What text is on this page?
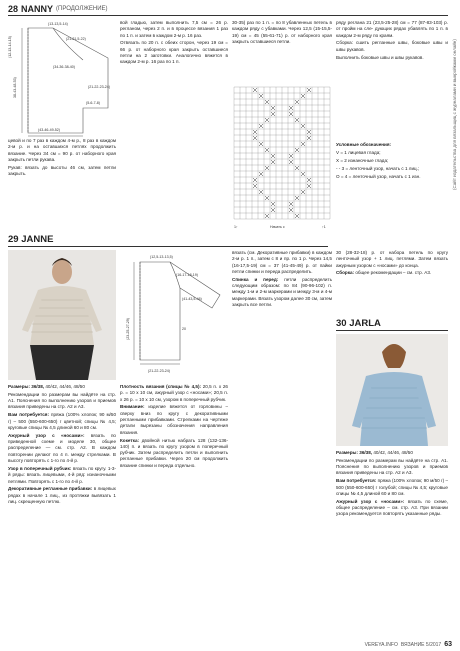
28 NANNY (ПРОДОЛЖЕНИЕ)
(Сайт издательства для вязальщиц с журналами и выкройками онлайн)
(13-13,5-14)
(21-21,5-22)
38-43-48-53)	(21-22-23-24)
(34-36-38-40)
(5-6-7-8)
(12-13-14-15)
(43-46-49-52)

цевой и по 7 раз в каждом 4-м р., 8 раз в каждом 2-м р. и на оставшихся петлях продолжить вязание. Через 34 см = 90 р. от наборного края закрыть петли рукава.

Рукав: вязать до высоты 46 см, затем петли закрыть.

вой гладью, затем выполнить 7,5 см = 26 р. регланом, через 2 п. и в процессе вязания 1 раз по 1 п. и затем в каждом 2-м р. 16 раз.

Отвязать по 20 п. с обеих сторон, через 19 см = 66 р. от наборного края закрыть оставшиеся петли на 2 заготовки. Аналогично вяжется в каждом 2-м р. 16 раз по 1 п.

30-35) раз по 1 п. = по 8 убавленных петель в каждом ряду с убавками. Через 12,5 (15-15,5-19) см = 45 (55-61-71) р. от наборного края закрыть оставшиеся петли.

1↑	Начать с	↑1

ряду реглана 21 (23,5-25-28) см = 77 (87-83-103) р. от пройм на сле- дующих рядах убавлять по 1 п. в каждом 2-м ряду по краям.

Сборка: сшить регланные швы, боковые швы и швы рукавов.

Выполнить боковые швы и швы рукавов.

Условные обозначения:

V = 1 лицевая глада;

X = 2 изнаночные глада;

- - 3 = ленточный узор, начать с 1 лиц.;

O = 4 = ленточный узор, начать с 1 изн.

29 JANNE

Размеры: 36/38, 40/42, 44/46, 48/50

Рекомендации по размерам вы найдёте на стр. А1. Пояснения по выполнению узоров и приемов вязания приведены на стр. А2 и А3.

Вам потребуется: пряжа (100% хлопок; 90 м/50 г) – 500 (550-600-650) г цветной; спицы № 4,5; круговые спицы № 4,5 длиной 60 и 80 см.

Ажурный узор с «носами»: вязать по приведенной схеме и моделе 30, общее распределение — см. стр. А2. В каждом повторении делают по 4 п. между стрелками. В высоту повторять с 1-го по 4-й р.

Узор в поперечный рубчик: вязать по кругу. 1-3-й ряды: вязать лицевыми, 4-й ряд: изнаночными петлями. Повторять с 1-го по 4-й р.

Декоративные регланные прибавки: в лицевых рядах в начале 1 лиц., из протяжки вывязать 1 лиц. скрещенную петлю.

(12,5-13-13,5)
(16-17-18-19)
(23-25-27-29)	20
(41-43,5-46)
(21-22-23-24)

Плотность вязания (спицы № 4,5): 20,5 п. x 26 р. = 10 x 10 см, ажурный узор с «носами»; 20,5 п. x 26 р. = 10 x 10 см, узором в поперечный рубчик.

Внимание: изделие вяжется от горловины – сверху вниз по кругу с декоративными регланными прибавками. Стрелками на чертеже детали вырезаны обозначения направления вязания.

Кокетка: двойной нитью набрать 128 (132-136-140) п. и вязать по кругу узором в поперечный рубчик. Затем распределить петли и выполнить регланные прибавки. Через 20 см продолжить вязание спинки и переда отдельно.

вязать (см. Декоративные прибавки) в каждом 2-м р. 1 п., затем с 8 и пр. по 1 р. Через 14,5 (16-17,5-19) см = 37 (41-45-49) р. от пайки петли спинки и переда распределить.

Спинка и перед: петли распределить следующим образом: по 84 (90-96-102) п. между 1-м и 2-м маркерами и между 3-м и 4-м маркерами. Вязать узором далее 30 см, затем закрыть все петли.

30 (28-32-18) р. от набора петель по кругу ленточный узор + 1 лиц. петлями. Затем вязать ажурным узором с «носами» до конца.

Сборка: общее рекомендации – см. стр. А3.

30 JARLA

Размеры: 36/38, 40/42, 44/46, 48/50

Рекомендации по размерам вы найдёте на стр. А1. Пояснения по выполнению узоров и приемов вязания приведены на стр. А2 и А3.

Вам потребуется: пряжа (100% хлопок; 90 м/50 г) – 500 (550-600-650) г голубой; спицы № 4,5; круговые спицы № 4,5 длиной 60 и 80 см.

Ажурный узор с «носами»: вязать по схеме, общее распределение – см. стр. А3. При вязании узора рекомендуется повторять указанные ряды.

VEREYA.INFO ВЯЗАНИЕ 5/2017 63
